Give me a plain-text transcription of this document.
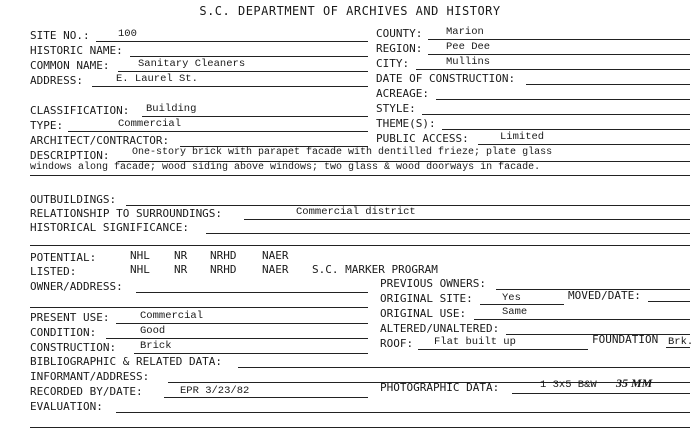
S.C. DEPARTMENT OF ARCHIVES AND HISTORY
SITE NO.:	100
HISTORIC NAME:
COMMON NAME:	Sanitary Cleaners
ADDRESS:	E. Laurel St.
COUNTY: Marion
REGION: Pee Dee
CITY:	Mullins
DATE OF CONSTRUCTION:
ACREAGE:
CLASSIFICATION: Building
TYPE:	Commercial
ARCHITECT/CONTRACTOR:
STYLE:
THEME(S):
PUBLIC ACCESS:	Limited
DESCRIPTION: One-story brick with parapet facade with dentilled frieze; plate glass
windows along facade; wood siding above windows; two glass & wood doorways in facade.
OUTBUILDINGS:
RELATIONSHIP TO SURROUNDINGS:	Commercial district
HISTORICAL SIGNIFICANCE:
POTENTIAL:	NHL NR NRHD NAER
LISTED:	NHL NR NRHD NAER S.C. MARKER PROGRAM
OWNER/ADDRESS:	PREVIOUS OWNERS:
ORIGINAL SITE:	Yes	MOVED/DATE:
PRESENT USE:	Commercial	ORIGINAL USE:	Same
CONDITION:	Good	ALTERED/UNALTERED:
CONSTRUCTION: Brick	ROOF: Flat built up	FOUNDATION Brk.
BIBLIOGRAPHIC & RELATED DATA:
INFORMANT/ADDRESS:
RECORDED BY/DATE:	EPR 3/23/82	PHOTOGRAPHIC DATA:	1 3x5 B&W 35 MM
EVALUATION:
